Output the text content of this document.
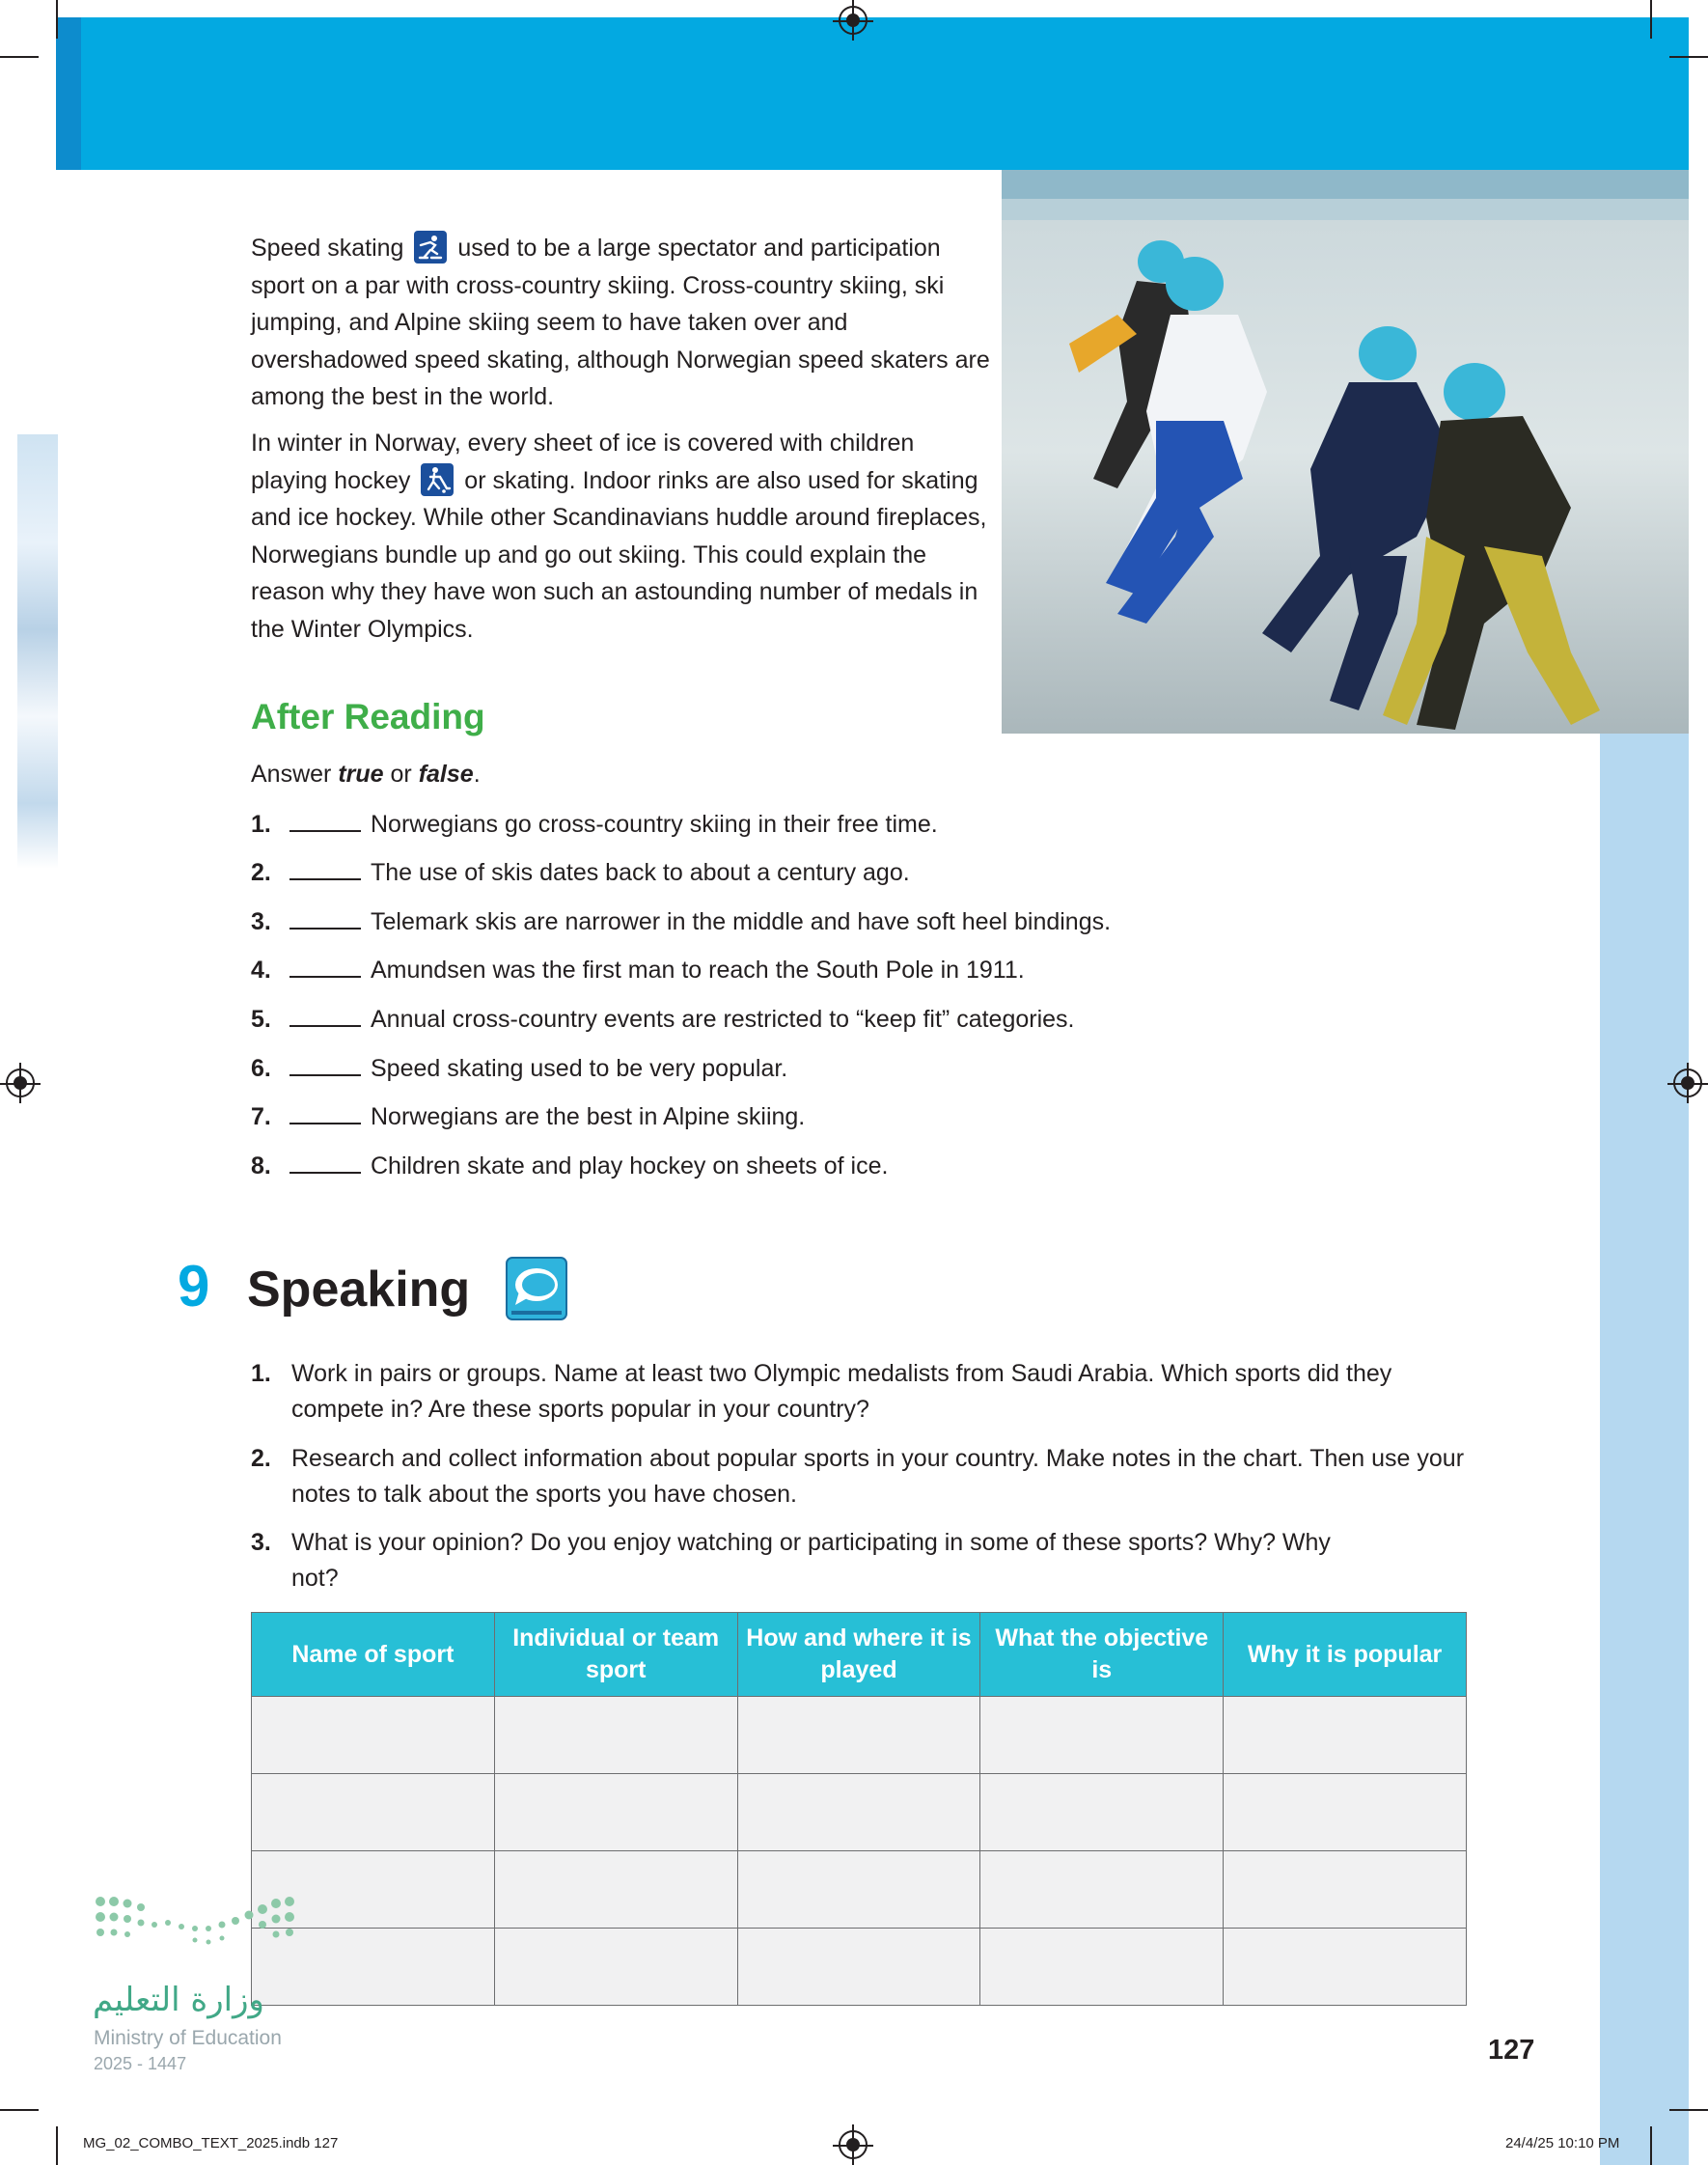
Speed skating used to be a large spectator and participation sport on a par with cross-country skiing. Cross-country skiing, ski jumping, and Alpine skiing seem to have taken over and overshadowed speed skating, although Norwegian speed skaters are among the best in the world.
In winter in Norway, every sheet of ice is covered with children playing hockey or skating. Indoor rinks are also used for skating and ice hockey. While other Scandinavians huddle around fireplaces, Norwegians bundle up and go out skiing. This could explain the reason why they have won such an astounding number of medals in the Winter Olympics.
After Reading
Answer true or false.
1.	Norwegians go cross-country skiing in their free time.
2.	The use of skis dates back to about a century ago.
3.	Telemark skis are narrower in the middle and have soft heel bindings.
4.	Amundsen was the first man to reach the South Pole in 1911.
5.	Annual cross-country events are restricted to “keep fit” categories.
6.	Speed skating used to be very popular.
7.	Norwegians are the best in Alpine skiing.
8.	Children skate and play hockey on sheets of ice.
9 Speaking
1. Work in pairs or groups. Name at least two Olympic medalists from Saudi Arabia. Which sports did they compete in? Are these sports popular in your country?
2. Research and collect information about popular sports in your country. Make notes in the chart. Then use your notes to talk about the sports you have chosen.
3. What is your opinion? Do you enjoy watching or participating in some of these sports? Why? Why not?
Name of sport	Individual or team sport	How and where it is played	What the objective is	Why it is popular

وزارة التعليم
Ministry of Education
2025 - 1447	127
MG_02_COMBO_TEXT_2025.indb 127	24/4/25 10:10 PM
